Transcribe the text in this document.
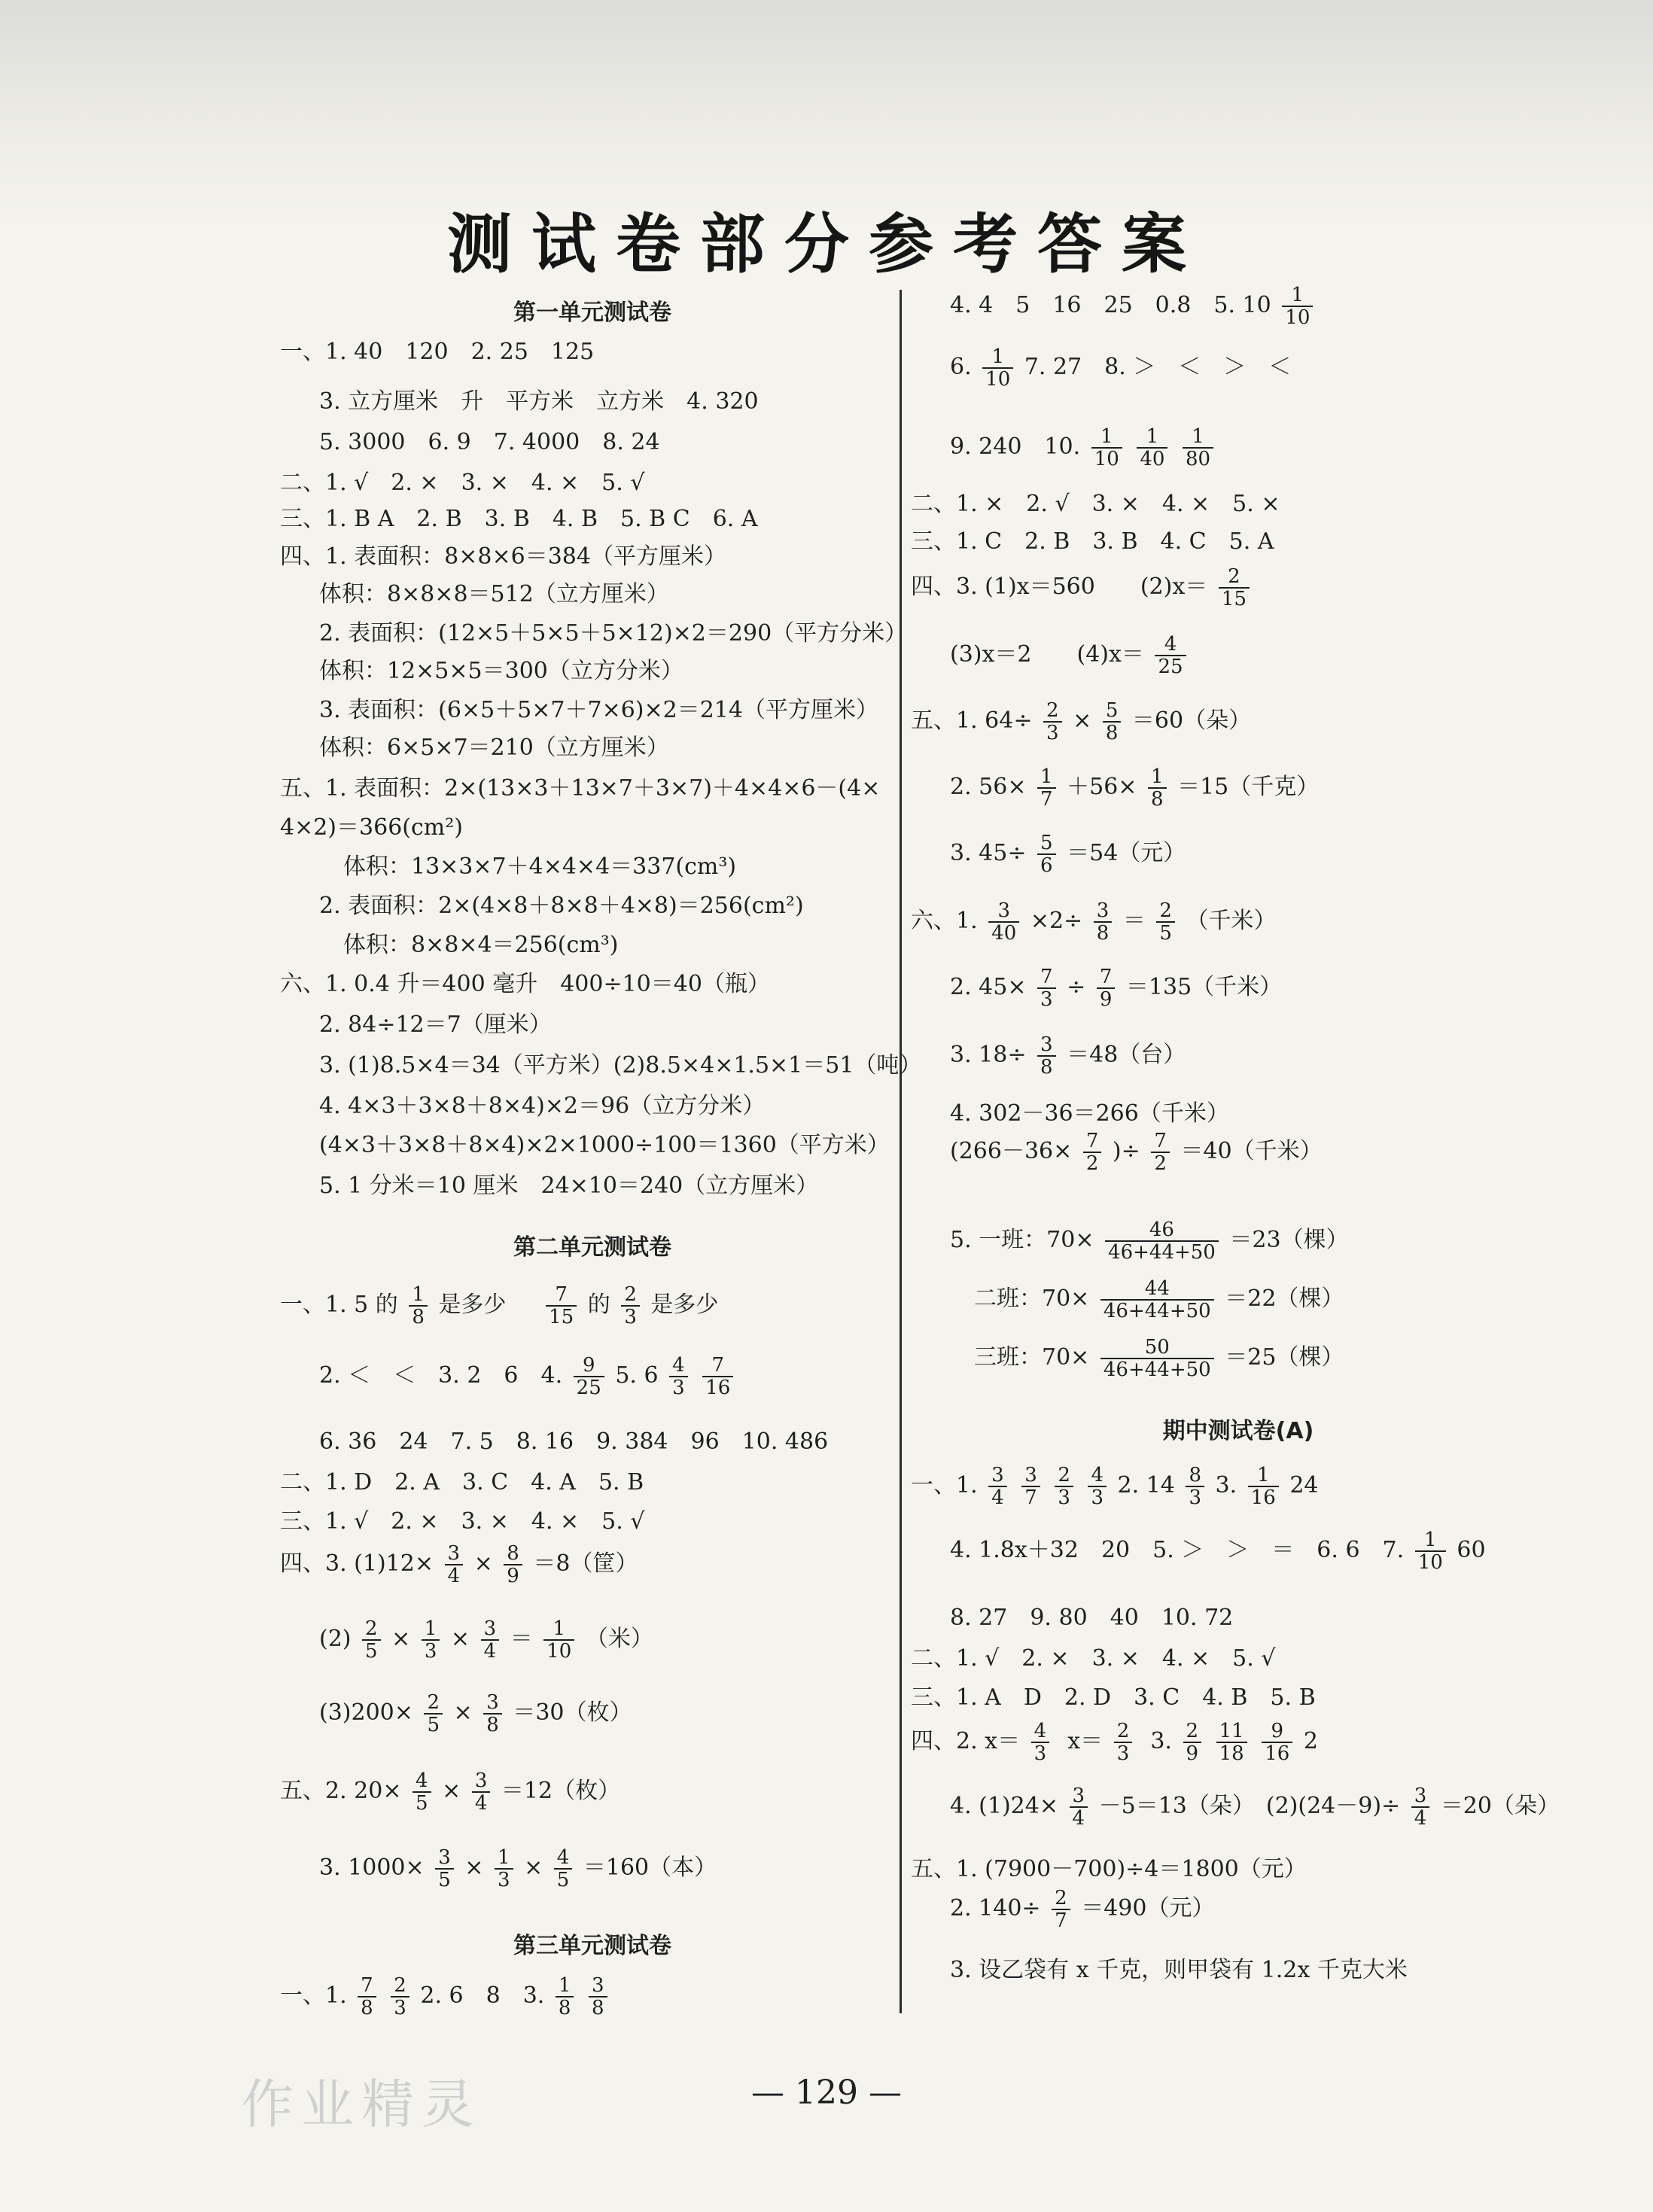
测试卷部分参考答案
第一单元测试卷
一、1. 40　120　2. 25　125
3. 立方厘米　升　平方米　立方米　4. 320
5. 3000　6. 9　7. 4000　8. 24
二、1. √　2. ×　3. ×　4. ×　5. √
三、1. B A　2. B　3. B　4. B　5. B C　6. A
四、1. 表面积：8×8×6＝384（平方厘米）
体积：8×8×8＝512（立方厘米）
2. 表面积：(12×5＋5×5＋5×12)×2＝290（平方分米）
体积：12×5×5＝300（立方分米）
3. 表面积：(6×5＋5×7＋7×6)×2＝214（平方厘米）
体积：6×5×7＝210（立方厘米）
五、1. 表面积：2×(13×3＋13×7＋3×7)＋4×4×6－(4×
4×2)＝366(cm²)
体积：13×3×7＋4×4×4＝337(cm³)
2. 表面积：2×(4×8＋8×8＋4×8)＝256(cm²)
体积：8×8×4＝256(cm³)
六、1. 0.4 升＝400 毫升　400÷10＝40（瓶）
2. 84÷12＝7（厘米）
3. (1)8.5×4＝34（平方米）(2)8.5×4×1.5×1＝51（吨）
4. 4×3＋3×8＋8×4)×2＝96（立方分米）
(4×3＋3×8＋8×4)×2×1000÷100＝1360（平方米）
5. 1 分米＝10 厘米　24×10＝240（立方厘米）
第二单元测试卷
一、1. 5 的 $\frac{1}{8}$ 是多少 $\frac{7}{15}$ 的 $\frac{2}{3}$ 是多少
2. ＜　＜　3. 2　6　4. $\frac{9}{25} 5$. $6 \frac{4}{3}$
$\frac{7}{16}$
6. 36　24　7. 5　8. 16　9. 384　96　10. 486
二、1. D　2. A　3. C　4. A　5. B
三、1. √　2. ×　3. ×　4. ×　5. √
四、3. $(1)12\times \frac{3}{4} \times \frac{8}{9} =8$（筐）
$(2) \frac{2}{5} \times \frac{1}{3} \times \frac{3}{4} = \frac{1}{10}$ （米）
$(3)200\times \frac{2}{5} \times \frac{3}{8} =30$（枚）
五、2. $20\times \frac{4}{5} \times \frac{3}{4} =12$（枚）
3. $1000\times \frac{3}{5} \times \frac{1}{3} \times \frac{4}{5} =160$（本）
第三单元测试卷
一、1. $\frac{7}{8}$
$\frac{2}{3} 2$. 6　8　3. $\frac{1}{8}$
$\frac{3}{8}$
4. 4　5　16　25　0.8　5. $10 \frac{1}{10}$
6. $\frac{1}{10} 7$. 27　8. ＞　＜　＞　＜
9. 240　10. $\frac{1}{10}$
$\frac{1}{40}$
$\frac{1}{80}$
二、1. ×　2. √　3. ×　4. ×　5. ×
三、1. C　2. B　3. B　4. C　5. A
四、3. (1)x＝560　　$(2)x= \frac{2}{15}$
(3)x＝2　　$(4)x= \frac{4}{25}$
五、1. $64\div \frac{2}{3} \times \frac{5}{8} =60$（朵）
2. $56\times \frac{1}{7} +56\times \frac{1}{8} =15$（千克）
3. $45\div \frac{5}{6} =54$（元）
六、1. $\frac{3}{40} \times 2\div \frac{3}{8} = \frac{2}{5}$ （千米）
2. $45\times \frac{7}{3} \div \frac{7}{9} =135$（千米）
3. $18\div \frac{3}{8} =48$（台）
4. 302－36＝266（千米）
($266-36\times \frac{7}{2}$ )÷ $\frac{7}{2} =40$（千米）
5. 一班：$70\times \frac{46}{46+44+50} =23$（棵）
二班：$70\times \frac{44}{46+44+50} =22$（棵）
三班：$70\times \frac{50}{46+44+50} =25$（棵）
期中测试卷(A)
一、1. $\frac{3}{4}$
$\frac{3}{7}$
$\frac{2}{3}$
$\frac{4}{3} 2$. $14 \frac{8}{3} 3$. $\frac{1}{16} 24$
4. 1.8x＋32　20　5. ＞　＞　＝　6. 6　7. $\frac{1}{10} 60$
8. 27　9. 80　40　10. 72
二、1. √　2. ×　3. ×　4. ×　5. √
三、1. A　D　2. D　3. C　4. B　5. B
四、2. $x= \frac{4}{3} x= \frac{2}{3} 3$. $\frac{2}{9}$
$\frac{11}{18}$
$\frac{9}{16} 2$
4. $(1)24\times \frac{3}{4} -5=13$（朵）　$(2)(24-9)\div \frac{3}{4} =20$（朵）
五、1. (7900－700)÷4＝1800（元）
2. $140\div \frac{2}{7} =490$（元）
3. 设乙袋有 x 千克，则甲袋有 1.2x 千克大米
— 129 —
作业精灵
